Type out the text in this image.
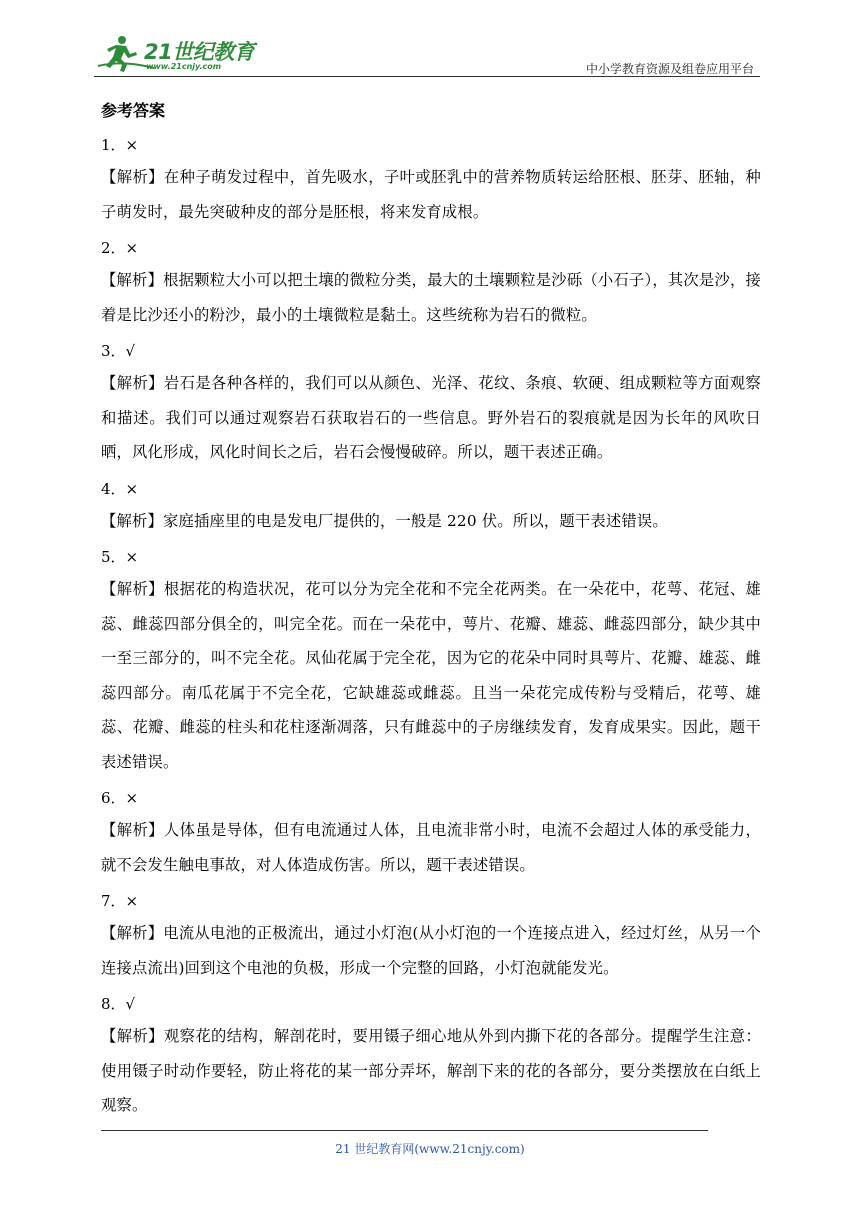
21世纪教育
www.21cnjy.com	中小学教育资源及组卷应用平台
参考答案
1．×
【解析】在种子萌发过程中，首先吸水，子叶或胚乳中的营养物质转运给胚根、胚芽、胚轴，种子萌发时，最先突破种皮的部分是胚根，将来发育成根。
2．×
【解析】根据颗粒大小可以把土壤的微粒分类，最大的土壤颗粒是沙砾（小石子），其次是沙，接着是比沙还小的粉沙，最小的土壤微粒是黏土。这些统称为岩石的微粒。
3．√
【解析】岩石是各种各样的，我们可以从颜色、光泽、花纹、条痕、软硬、组成颗粒等方面观察和描述。我们可以通过观察岩石获取岩石的一些信息。野外岩石的裂痕就是因为长年的风吹日晒，风化形成，风化时间长之后，岩石会慢慢破碎。所以，题干表述正确。
4．×
【解析】家庭插座里的电是发电厂提供的，一般是 220 伏。所以，题干表述错误。
5．×
【解析】根据花的构造状况，花可以分为完全花和不完全花两类。在一朵花中，花萼、花冠、雄蕊、雌蕊四部分俱全的，叫完全花。而在一朵花中，萼片、花瓣、雄蕊、雌蕊四部分，缺少其中一至三部分的，叫不完全花。凤仙花属于完全花，因为它的花朵中同时具萼片、花瓣、雄蕊、雌蕊四部分。南瓜花属于不完全花，它缺雄蕊或雌蕊。且当一朵花完成传粉与受精后，花萼、雄蕊、花瓣、雌蕊的柱头和花柱逐渐凋落，只有雌蕊中的子房继续发育，发育成果实。因此，题干表述错误。
6．×
【解析】人体虽是导体，但有电流通过人体，且电流非常小时，电流不会超过人体的承受能力，就不会发生触电事故，对人体造成伤害。所以，题干表述错误。
7．×
【解析】电流从电池的正极流出，通过小灯泡(从小灯泡的一个连接点进入，经过灯丝，从另一个连接点流出)回到这个电池的负极，形成一个完整的回路，小灯泡就能发光。
8．√
【解析】观察花的结构，解剖花时，要用镊子细心地从外到内撕下花的各部分。提醒学生注意：使用镊子时动作要轻，防止将花的某一部分弄坏，解剖下来的花的各部分，要分类摆放在白纸上观察。
21 世纪教育网(www.21cnjy.com)
